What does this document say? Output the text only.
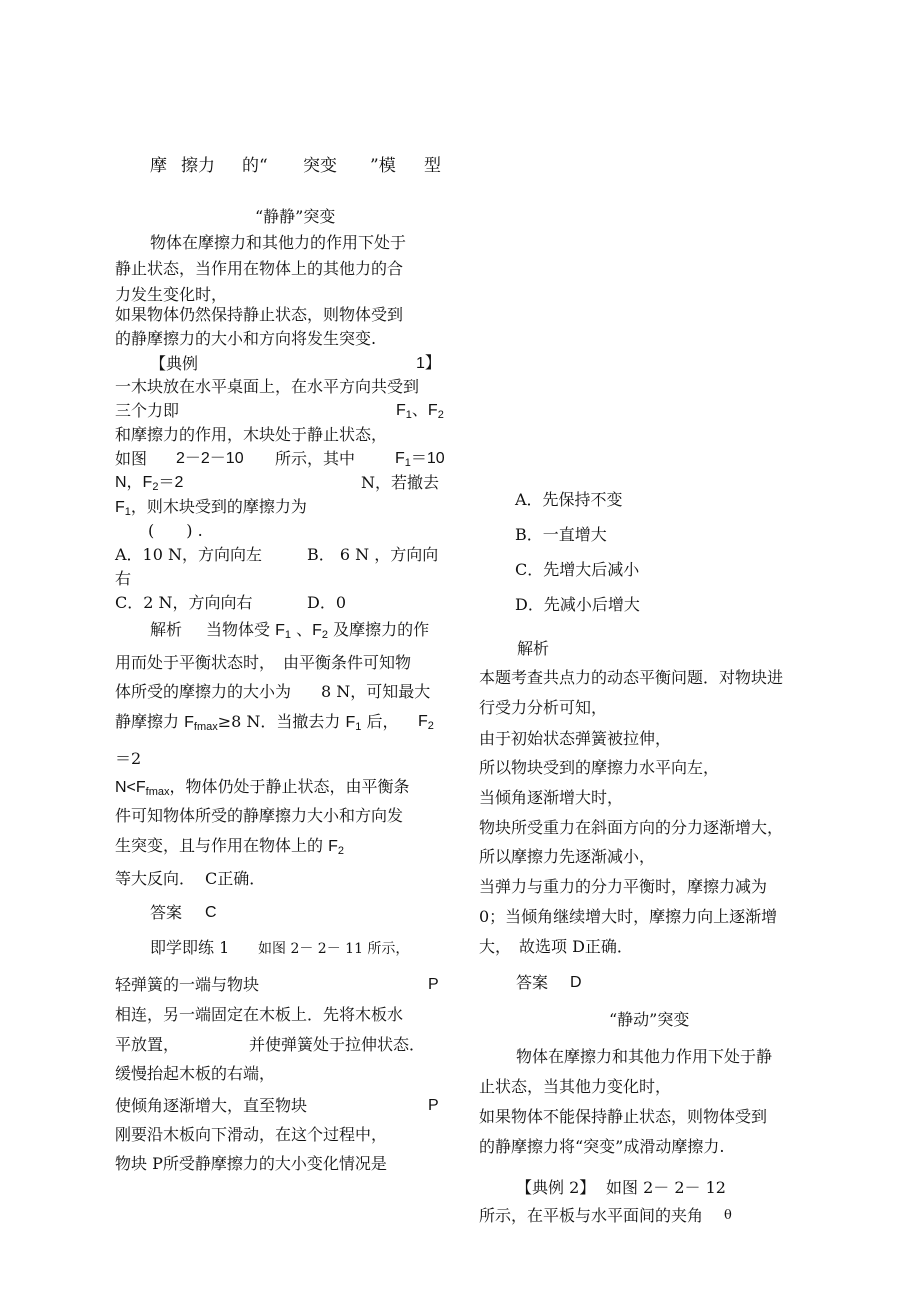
摩 擦力 的“ 突变 ”模 型
“静静”突变
物体在摩擦力和其他力的作用下处于
静止状态，当作用在物体上的其他力的合
力发生变化时，
如果物体仍然保持静止状态，则物体受到
的静摩擦力的大小和方向将发生突变.
【典例	1】
一木块放在水平桌面上，在水平方向共受到
三个力即	$F_1$、$F_2$
和摩擦力的作用，木块处于静止状态，
如图 2－2－10 所示，其中 $F_1=10$
N，$F_2=2$	N，若撤去
$F_1$，则木块受到的摩擦力为
(　　) .
A．10 N，方向向左	B． 6 N ，方向向
右
C．2 N，方向向右	D．0
解析 当物体受 $F_1$ 、$F_2$ 及摩擦力的作
用而处于平衡状态时，　由平衡条件可知物
体所受的摩擦力的大小为 8 N，可知最大
静摩擦力 $F_{fmax}\ge 8$ N．当撤去力 $F_1$ 后， $F_2$
＝2
$N<F_{fmax}$，物体仍处于静止状态，由平衡条
件可知物体所受的静摩擦力大小和方向发
生突变，且与作用在物体上的 $F_2$
等大反向． C正确．
答案 C
即学即练 1 如图 2－ 2－ 11 所示，
轻弹簧的一端与物块	P
相连，另一端固定在木板上．先将木板水
平放置，	并使弹簧处于拉伸状态．
缓慢抬起木板的右端，
使倾角逐渐增大，直至物块	P
刚要沿木板向下滑动，在这个过程中，
物块 P所受静摩擦力的大小变化情况是
A．先保持不变
B．一直增大
C．先增大后减小
D．先减小后增大
解析
本题考查共点力的动态平衡问题．对物块进
行受力分析可知，
由于初始状态弹簧被拉伸，
所以物块受到的摩擦力水平向左，
当倾角逐渐增大时，
物块所受重力在斜面方向的分力逐渐增大，
所以摩擦力先逐渐减小，
当弹力与重力的分力平衡时，摩擦力减为
0；当倾角继续增大时，摩擦力向上逐渐增
大，　故选项 D正确．
答案 D
“静动”突变
物体在摩擦力和其他力作用下处于静
止状态，当其他力变化时，
如果物体不能保持静止状态，则物体受到
的静摩擦力将“突变”成滑动摩擦力.
【典例 2】 如图 2－ 2－ 12
所示，在平板与水平面间的夹角 θ
